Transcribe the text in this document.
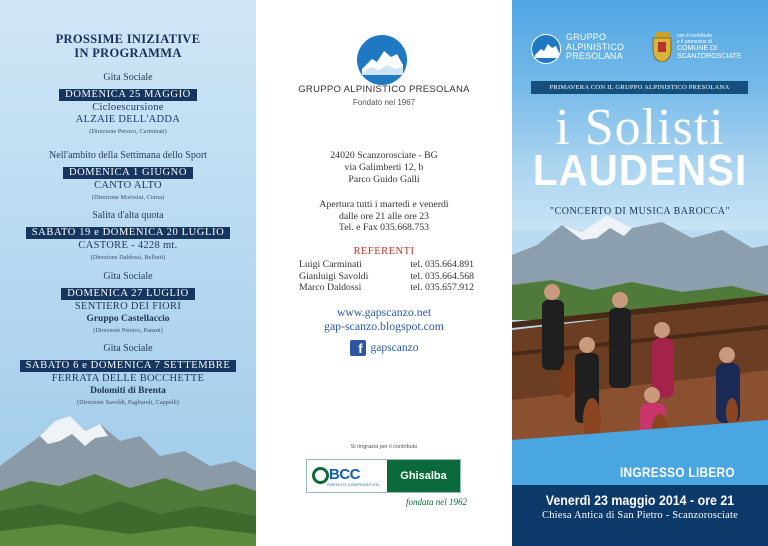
PROSSIME INIZIATIVE
IN PROGRAMMA
Gita Sociale
DOMENICA 25 MAGGIO
Cicloescursione
ALZAIE DELL'ADDA
(Direzione Persico, Carminati)
Nell'ambito della Settimana dello Sport
DOMENICA 1 GIUGNO
CANTO ALTO
(Direzione Morosini, Corna)
Salita d'alta quota
SABATO 19 e DOMENICA 20 LUGLIO
CASTORE - 4228 mt.
(Direzione Daldossi, Bellotti)
Gita Sociale
DOMENICA 27 LUGLIO
SENTIERO DEI FIORI
Gruppo Castellaccio
(Direzione Persico, Panani)
Gita Sociale
SABATO 6 e DOMENICA 7 SETTEMBRE
FERRATA DELLE BOCCHETTE
Dolomiti di Brenta
(Direzione Savoldi, Pagliaroli, Cappelli)
GRUPPO ALPINISTICO PRESOLANA
Fondato nel 1967
24020 Scanzorosciate - BG
via Galimberti 12, b
Parco Guido Galli
Apertura tutti i martedì e venerdì
dalle ore 21 alle ore 23
Tel. e Fax 035.668.753
REFERENTI
Luigi Carminati	tel. 035.664.891
Gianluigi Savoldi	tel. 035.664.568
Marco Daldossi	tel. 035.657.912
www.gapscanzo.net
gap-scanzo.blogspot.com
f gapscanzo
Si ringrazia per il contributo
BCC
CREDITO COOPERATIVO
Ghisalba
fondata nel 1962
GRUPPO
ALPINISTICO
PRESOLANA
con il contributo
e il patrocinio di
COMUNE DI
SCANZOROSCIATE
PRIMAVERA CON IL GRUPPO ALPINISTICO PRESOLANA
i Solisti
LAUDENSI
"CONCERTO DI MUSICA BAROCCA"
INGRESSO LIBERO
Venerdì 23 maggio 2014 - ore 21
Chiesa Antica di San Pietro - Scanzorosciate
